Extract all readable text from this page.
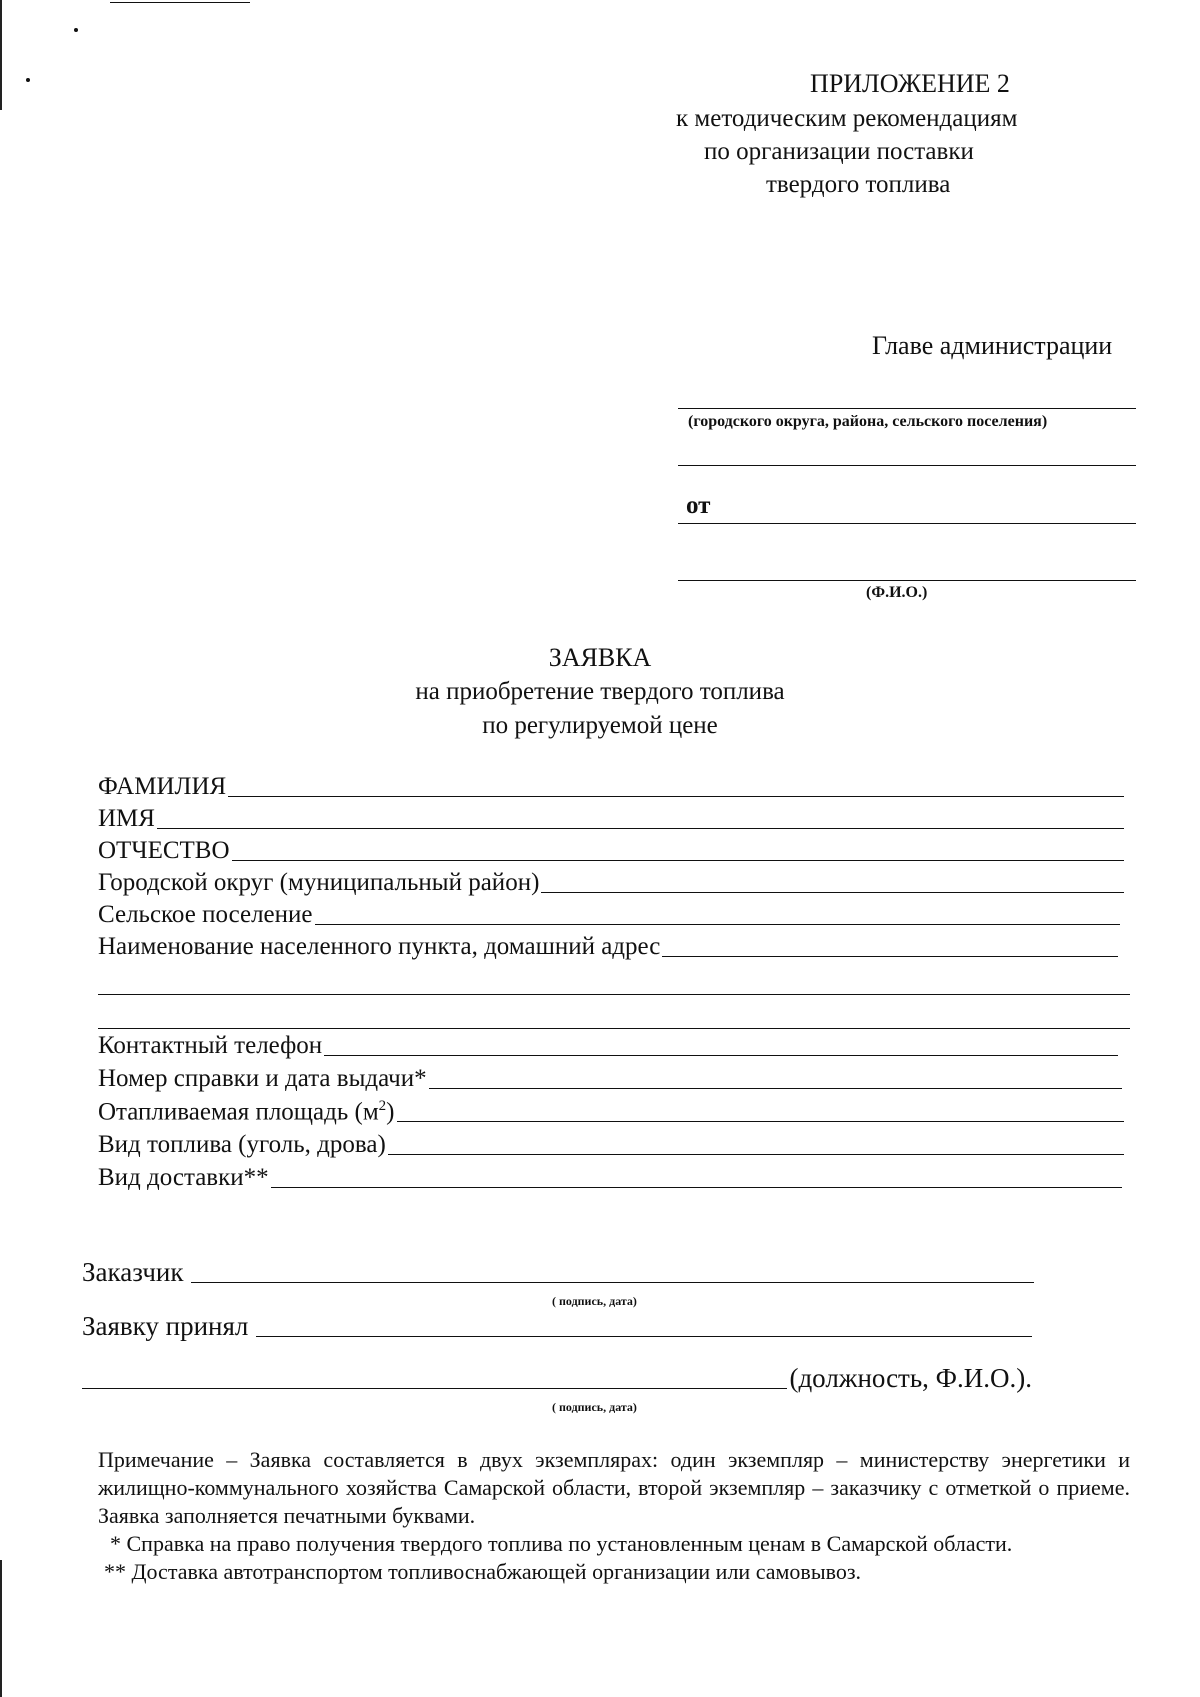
ПРИЛОЖЕНИЕ 2
к методическим рекомендациям
по организации поставки
твердого топлива
Главе администрации
(городского округа, района, сельского поселения)
от
(Ф.И.О.)
ЗАЯВКА
на приобретение твердого топлива
по регулируемой цене
ФАМИЛИЯ
ИМЯ
ОТЧЕСТВО
Городской округ (муниципальный район)
Сельское поселение
Наименование населенного пункта, домашний адрес
Контактный телефон
Номер справки и дата выдачи*
Отапливаемая площадь $(м^2)$
Вид топлива (уголь, дрова)
Вид доставки**
Заказчик
( подпись, дата)
Заявку принял
(должность, Ф.И.О.).
( подпись, дата)
Примечание – Заявка составляется в двух экземплярах: один экземпляр – министерству энергетики и жилищно-коммунального хозяйства Самарской области, второй экземпляр – заказчику с отметкой о приеме. Заявка заполняется печатными буквами.
* Справка на право получения твердого топлива по установленным ценам в Самарской области.
** Доставка автотранспортом топливоснабжающей организации или самовывоз.
